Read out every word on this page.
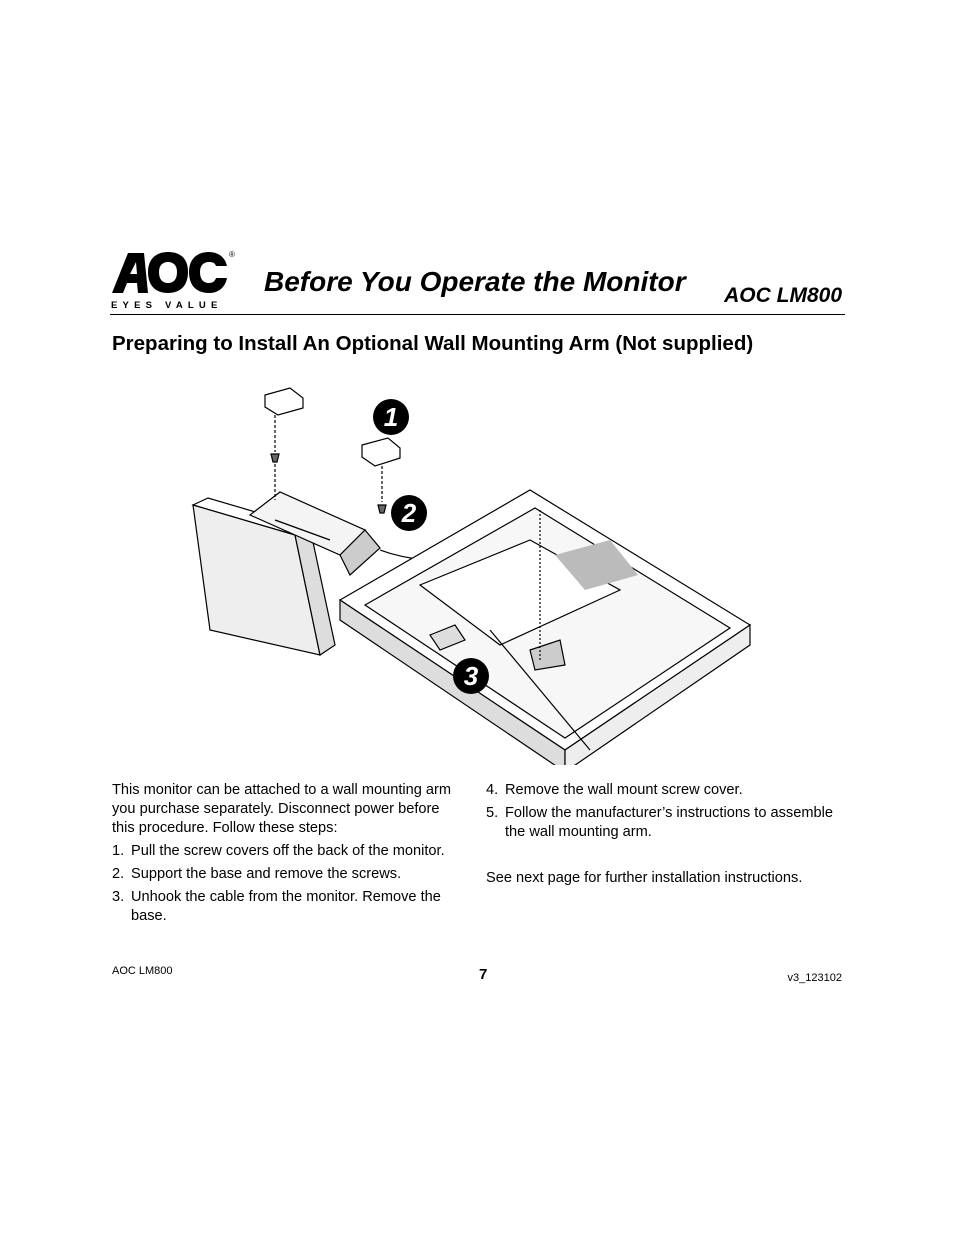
®
EYES VALUE
Before You Operate the Monitor AOC LM800
Preparing to Install An Optional Wall Mounting Arm (Not supplied)
1
2
3

This monitor can be attached to a wall mounting arm you purchase separately. Disconnect power before this procedure. Follow these steps:

1. Pull the screw covers off the back of the monitor.
2. Support the base and remove the screws.
3. Unhook the cable from the monitor. Remove the base.
4. Remove the wall mount screw cover.
5. Follow the manufacturer’s instructions to assemble the wall mounting arm.

See next page for further installation instructions.

AOC LM800	7	v3_123102
